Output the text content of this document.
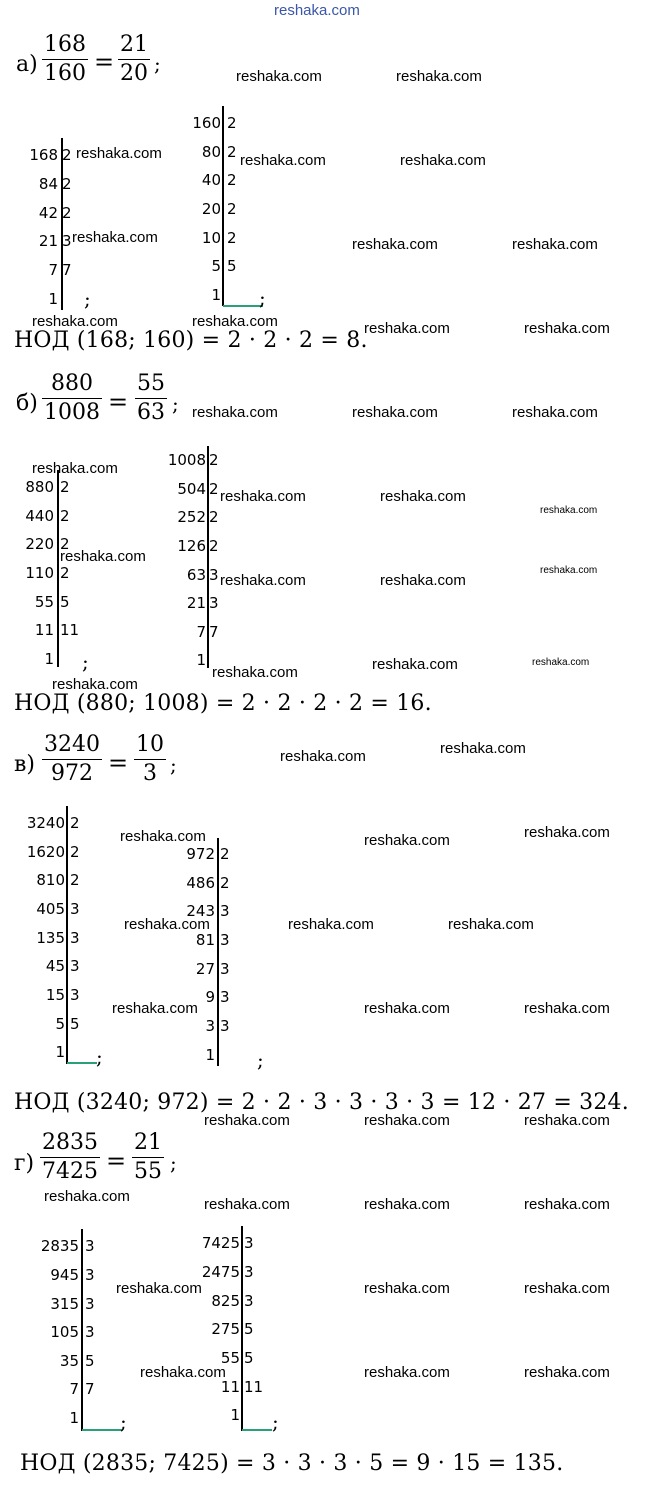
reshaka.com
$а) \frac{168}{160} = \frac{21}{20}$ ;
168 2
84 2
42 2
21 3
7 7
1 ;
160 2
80 2
40 2
20 2
10 2
5 5
1 ;
НОД (168; 160) = 2 · 2 · 2 = 8.
$б) \frac{880}{1008} = \frac{55}{63}$ ;
880 2
440 2
220 2
110 2
55 5
11 11
1 ;
1008 2
504 2
252 2
126 2
63 3
21 3
7 7
1
НОД (880; 1008) = 2 · 2 · 2 · 2 = 16.
$в) \frac{3240}{972} = \frac{10}{3}$ ;
3240 2
1620 2
810 2
405 3
135 3
45 3
15 3
5 5
1 ;
972 2
486 2
243 3
81 3
27 3
9 3
3 3
1 ;
НОД (3240; 972) = 2 · 2 · 3 · 3 · 3 · 3 = 12 · 27 = 324.
$г) \frac{2835}{7425} = \frac{21}{55}$ ;
2835 3
945 3
315 3
105 3
35 5
7 7
1 ;
7425 3
2475 3
825 3
275 5
55 5
11 11
1 ;
НОД (2835; 7425) = 3 · 3 · 3 · 5 = 9 · 15 = 135.
reshaka.com	reshaka.com
reshaka.com	reshaka.com	reshaka.com
reshaka.com	reshaka.com	reshaka.com
reshaka.com	reshaka.com	reshaka.com	reshaka.com
reshaka.com	reshaka.com	reshaka.com
reshaka.com
reshaka.com	reshaka.com
reshaka.com
reshaka.com
reshaka.com	reshaka.com
reshaka.com
reshaka.com	reshaka.com	reshaka.com
reshaka.com
reshaka.com	reshaka.com
reshaka.com	reshaka.com	reshaka.com
reshaka.com	reshaka.com	reshaka.com
reshaka.com	reshaka.com	reshaka.com
reshaka.com	reshaka.com	reshaka.com
reshaka.com	reshaka.com	reshaka.com	reshaka.com
reshaka.com	reshaka.com	reshaka.com
reshaka.com	reshaka.com	reshaka.com
